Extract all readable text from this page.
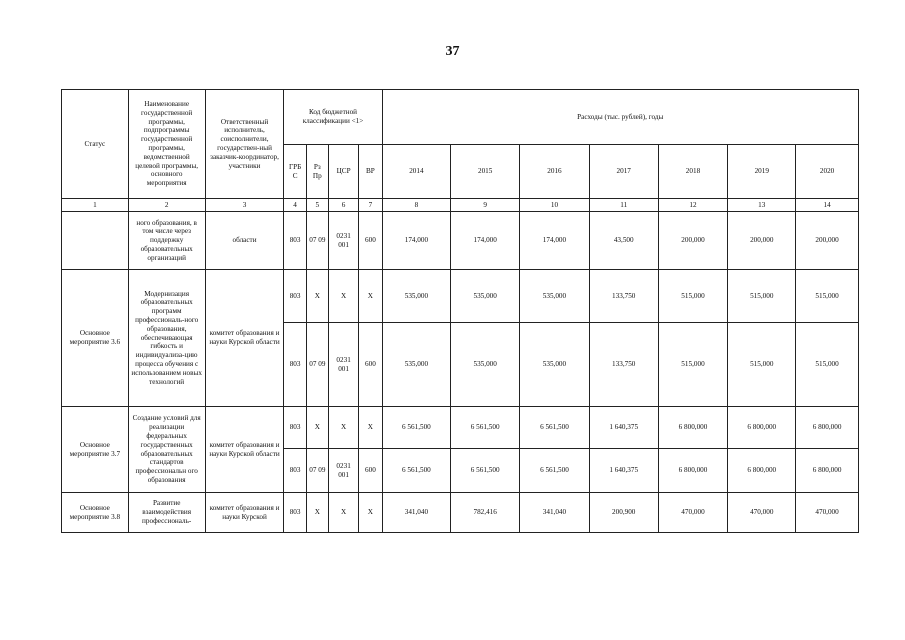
37
Статус	Наименование государственной программы, подпрограммы государственной программы, ведомственной целевой программы, основного мероприятия	Ответственный исполнитель, соисполнители, государствен-ный заказчик-координатор, участники	Код бюджетной классификации <1>				Расходы (тыс. рублей), годы						
			ГРБ С	Рз Пр	ЦСР	ВР	2014	2015	2016	2017	2018	2019	2020
1	2	3	4	5	6	7	8	9	10	11	12	13	14
	ного образования, в том числе через поддержку образовательных организаций	области	803	07 09	0231 001	600	174,000	174,000	174,000	43,500	200,000	200,000	200,000
Основное мероприятие 3.6	Модернизация образовательных программ профессиональ-ного образования, обеспечивающая гибкость и индивидуализа-цию процесса обучения с использованием новых технологий	комитет образования и науки Курской области	803	X	X	X	535,000	535,000	535,000	133,750	515,000	515,000	515,000
			803	07 09	0231 001	600	535,000	535,000	535,000	133,750	515,000	515,000	515,000
Основное мероприятие 3.7	Создание условий для реализации федеральных государственных образовательных стандартов профессиональн ого образования	комитет образования и науки Курской области	803	X	X	X	6 561,500	6 561,500	6 561,500	1 640,375	6 800,000	6 800,000	6 800,000
			803	07 09	0231 001	600	6 561,500	6 561,500	6 561,500	1 640,375	6 800,000	6 800,000	6 800,000
Основное мероприятие 3.8	Развитие взаимодействия профессиональ-	комитет образования и науки Курской	803	X	X	X	341,040	782,416	341,040	200,900	470,000	470,000	470,000
